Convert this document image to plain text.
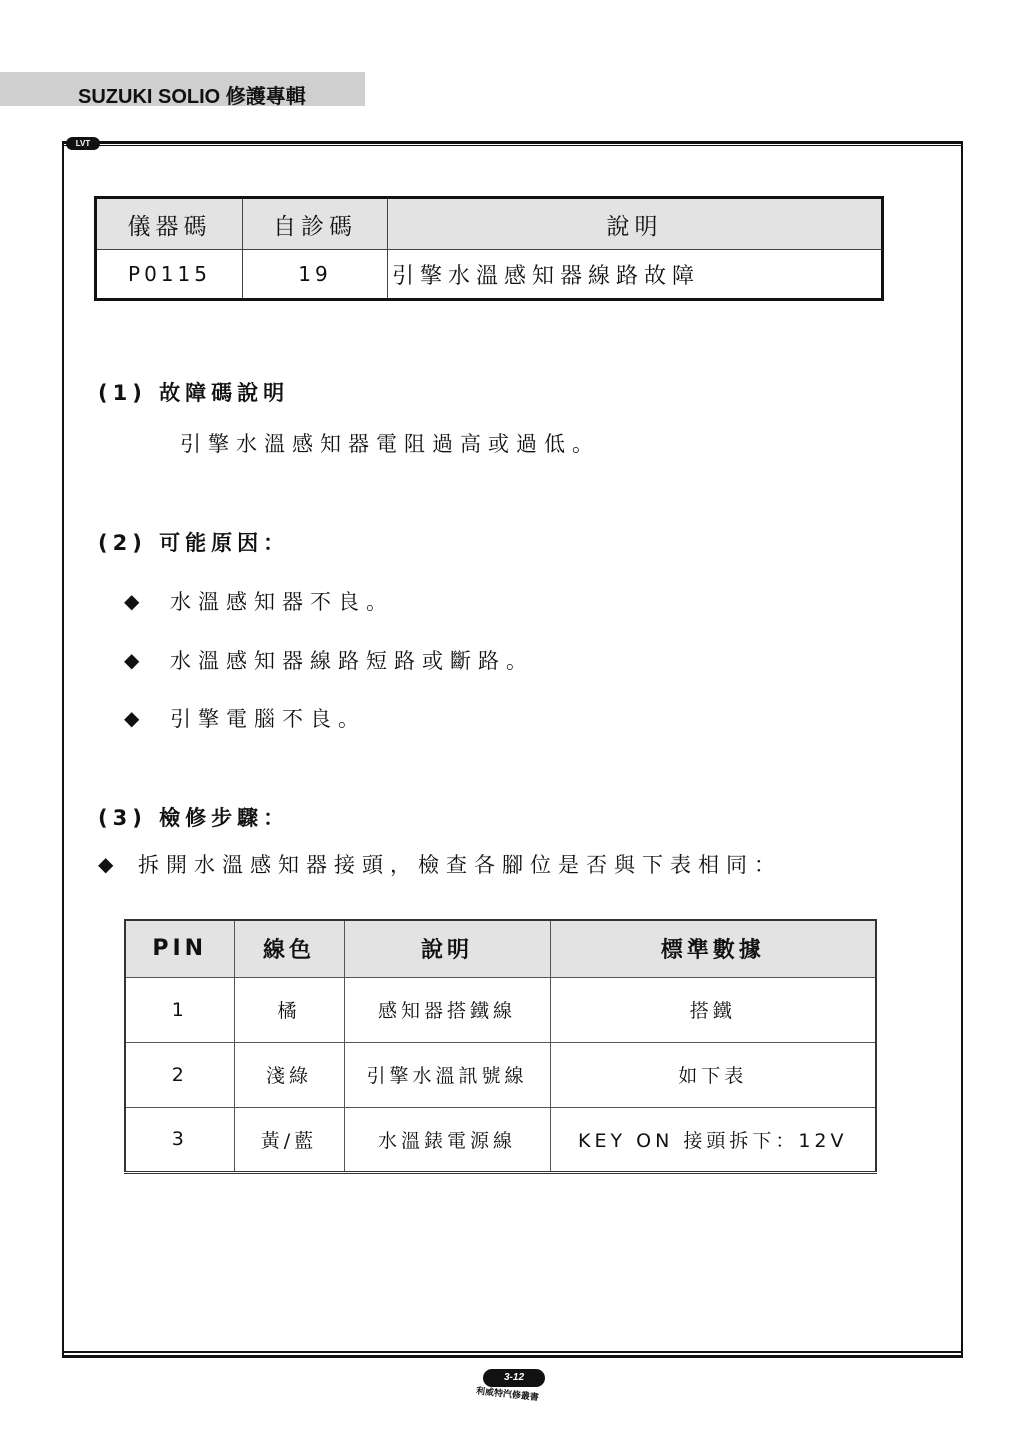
SUZUKI SOLIO 修護專輯
LVT
儀器碼	自診碼	說明
P0115	19	引擎水溫感知器線路故障
(1) 故障碼說明
引擎水溫感知器電阻過高或過低。
(2) 可能原因：
◆	水溫感知器不良。
◆	水溫感知器線路短路或斷路。
◆	引擎電腦不良。
(3) 檢修步驟：
◆	拆開水溫感知器接頭，檢查各腳位是否與下表相同：
PIN	線色	說明	標準數據
1	橘	感知器搭鐵線	搭鐵
2	淺綠	引擎水溫訊號線	如下表
3	黃/藍	水溫錶電源線	KEY ON 接頭拆下：12V
3-12
利威特汽修叢書
